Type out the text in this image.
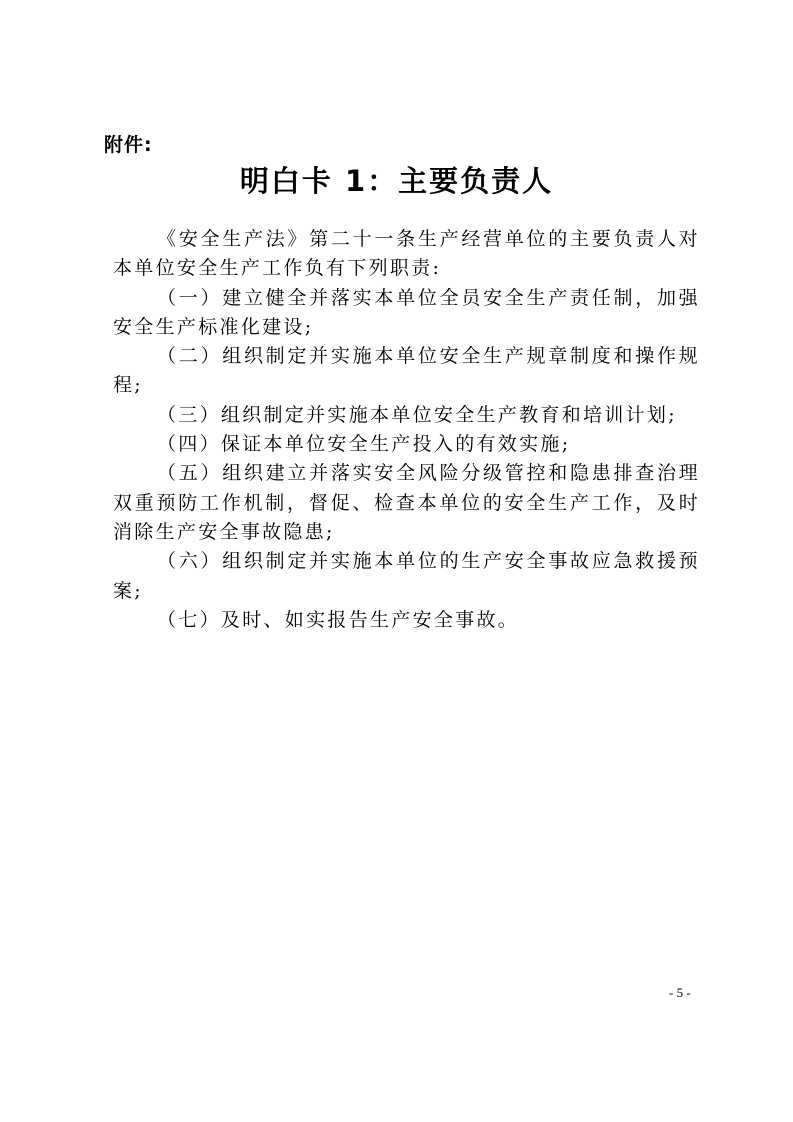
附件:
明白卡 1：主要负责人

《安全生产法》第二十一条生产经营单位的主要负责人对本单位安全生产工作负有下列职责:

（一）建立健全并落实本单位全员安全生产责任制，加强安全生产标准化建设;

（二）组织制定并实施本单位安全生产规章制度和操作规程;

（三）组织制定并实施本单位安全生产教育和培训计划;

（四）保证本单位安全生产投入的有效实施;

（五）组织建立并落实安全风险分级管控和隐患排查治理双重预防工作机制，督促、检查本单位的安全生产工作，及时消除生产安全事故隐患;

（六）组织制定并实施本单位的生产安全事故应急救援预案;

（七）及时、如实报告生产安全事故。

- 5 -
